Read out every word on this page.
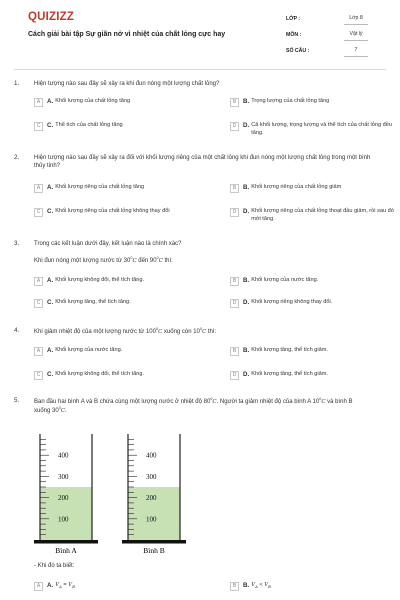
QUIZIZZ
Cách giải bài tập Sự giãn nở vì nhiệt của chất lỏng cực hay
LỚP :	Lớp 8
MÔN :	Vật lý
SỐ CÂU :	7
1. Hiện tượng nào sau đây sẽ xảy ra khi đun nóng một lượng chất lỏng?
A	A. Khối lượng của chất lỏng tăng	B	B. Trọng lượng của chất lỏng tăng
C	C. Thể tích của chất lỏng tăng	D	D. Cả khối lượng, trọng lượng và thể tích của chất lỏng đều tăng.
2. Hiện tượng nào sau đây sẽ xảy ra đối với khối lượng riêng của một chất lỏng khi đun nóng một lượng chất lỏng trong một bình thủy tinh?
A	A. Khối lượng riêng của chất lỏng tăng	B	B. Khối lượng riêng của chất lỏng giảm
C	C. Khối lượng riêng của chất lỏng không thay đổi	D	D. Khối lượng riêng của chất lỏng thoạt đầu giảm, rồi sau đó mới tăng.
3. Trong các kết luận dưới đây, kết luận nào là chính xác?
Khi đun nóng một lượng nước từ $30^0C$ đến $90^0C$ thì:
A	A. Khối lượng không đổi, thể tích tăng.	B	B. Khối lượng của nước tăng.
C	C. Khối lượng tăng, thể tích tăng.	D	D. Khối lượng riêng không thay đổi.
4. Khi giảm nhiệt độ của một lượng nước từ $100^0C$ xuống còn $10^0C$ thì:
A	A. Khối lượng của nước tăng.	B	B. Khối lượng tăng, thể tích giảm.
C	C. Khối lượng không đổi, thể tích tăng.	D	D. Khối lượng tăng, thể tích giảm.
5. Ban đầu hai bình A và B chứa cùng một lượng nước ở nhiệt độ $80^0C$. Người ta giảm nhiệt độ của bình A $10^0C$ và bình B xuống $30^0C$.
400
300
200
100
Bình A
400
300
200
100
Bình B
- Khi đó ta biết:
A	A. $V_A = V_B$	B	B. $V_A < V_B$
